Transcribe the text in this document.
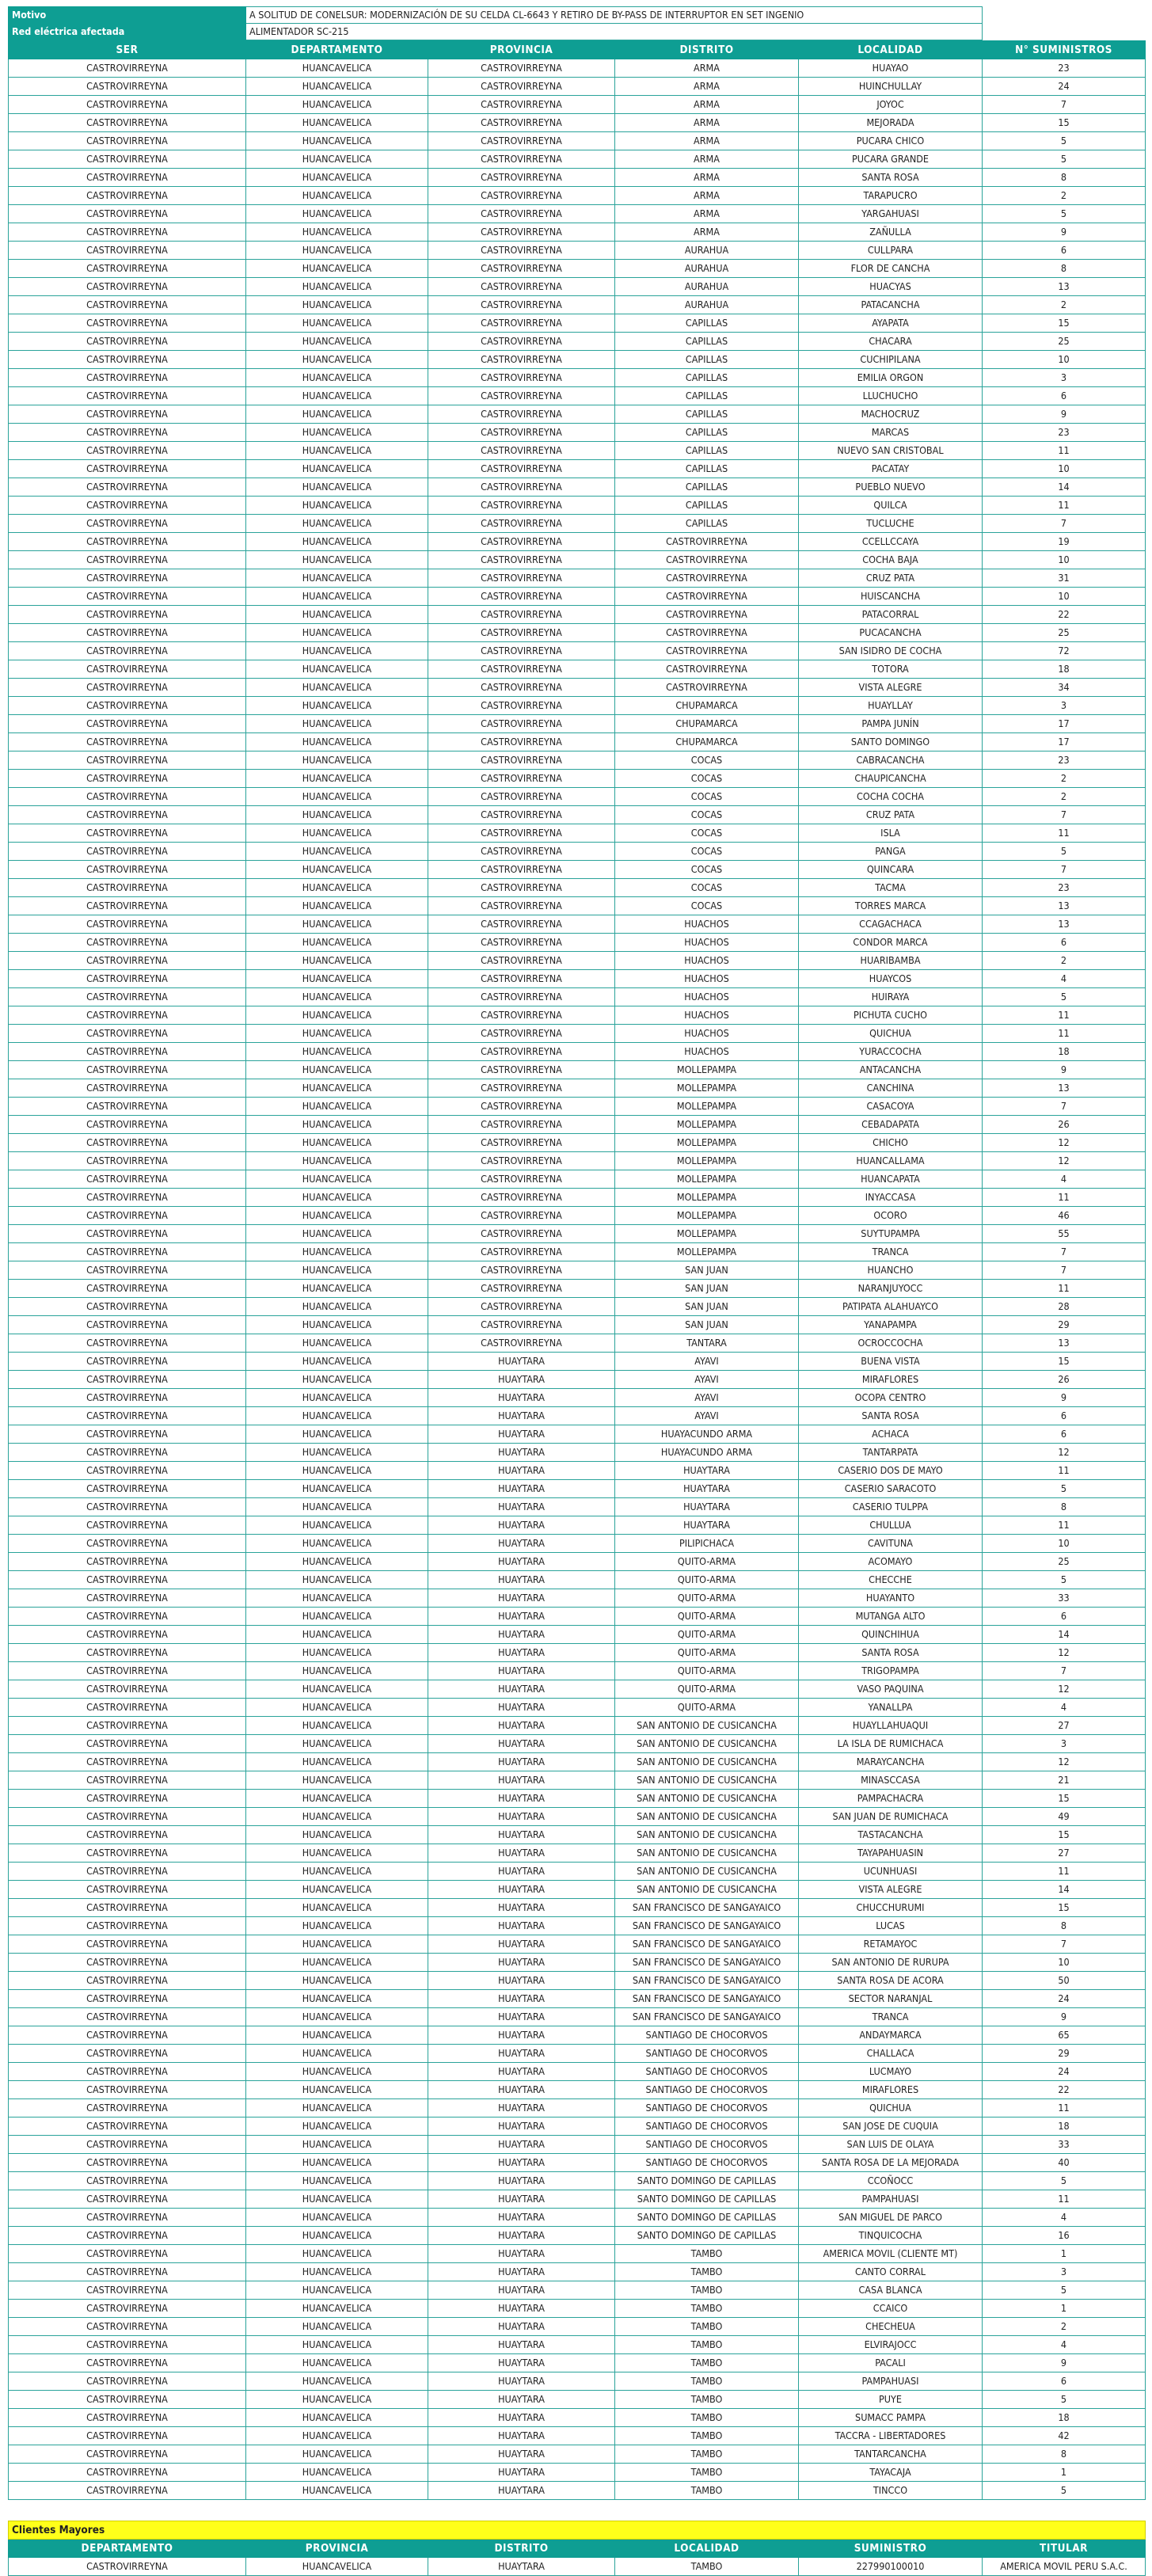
Motivo	A SOLITUD DE CONELSUR: MODERNIZACIÓN DE SU CELDA CL-6643 Y RETIRO DE BY-PASS DE INTERRUPTOR EN SET INGENIO	
Red eléctrica afectada	ALIMENTADOR SC-215	
SER	DEPARTAMENTO	PROVINCIA	DISTRITO	LOCALIDAD	N° SUMINISTROS
CASTROVIRREYNA	HUANCAVELICA	CASTROVIRREYNA	ARMA	HUAYAO	23
CASTROVIRREYNA	HUANCAVELICA	CASTROVIRREYNA	ARMA	HUINCHULLAY	24
CASTROVIRREYNA	HUANCAVELICA	CASTROVIRREYNA	ARMA	JOYOC	7
CASTROVIRREYNA	HUANCAVELICA	CASTROVIRREYNA	ARMA	MEJORADA	15
CASTROVIRREYNA	HUANCAVELICA	CASTROVIRREYNA	ARMA	PUCARA CHICO	5
CASTROVIRREYNA	HUANCAVELICA	CASTROVIRREYNA	ARMA	PUCARA GRANDE	5
CASTROVIRREYNA	HUANCAVELICA	CASTROVIRREYNA	ARMA	SANTA ROSA	8
CASTROVIRREYNA	HUANCAVELICA	CASTROVIRREYNA	ARMA	TARAPUCRO	2
CASTROVIRREYNA	HUANCAVELICA	CASTROVIRREYNA	ARMA	YARGAHUASI	5
CASTROVIRREYNA	HUANCAVELICA	CASTROVIRREYNA	ARMA	ZAÑULLA	9
CASTROVIRREYNA	HUANCAVELICA	CASTROVIRREYNA	AURAHUA	CULLPARA	6
CASTROVIRREYNA	HUANCAVELICA	CASTROVIRREYNA	AURAHUA	FLOR DE CANCHA	8
CASTROVIRREYNA	HUANCAVELICA	CASTROVIRREYNA	AURAHUA	HUACYAS	13
CASTROVIRREYNA	HUANCAVELICA	CASTROVIRREYNA	AURAHUA	PATACANCHA	2
CASTROVIRREYNA	HUANCAVELICA	CASTROVIRREYNA	CAPILLAS	AYAPATA	15
CASTROVIRREYNA	HUANCAVELICA	CASTROVIRREYNA	CAPILLAS	CHACARA	25
CASTROVIRREYNA	HUANCAVELICA	CASTROVIRREYNA	CAPILLAS	CUCHIPILANA	10
CASTROVIRREYNA	HUANCAVELICA	CASTROVIRREYNA	CAPILLAS	EMILIA ORGON	3
CASTROVIRREYNA	HUANCAVELICA	CASTROVIRREYNA	CAPILLAS	LLUCHUCHO	6
CASTROVIRREYNA	HUANCAVELICA	CASTROVIRREYNA	CAPILLAS	MACHOCRUZ	9
CASTROVIRREYNA	HUANCAVELICA	CASTROVIRREYNA	CAPILLAS	MARCAS	23
CASTROVIRREYNA	HUANCAVELICA	CASTROVIRREYNA	CAPILLAS	NUEVO SAN CRISTOBAL	11
CASTROVIRREYNA	HUANCAVELICA	CASTROVIRREYNA	CAPILLAS	PACATAY	10
CASTROVIRREYNA	HUANCAVELICA	CASTROVIRREYNA	CAPILLAS	PUEBLO NUEVO	14
CASTROVIRREYNA	HUANCAVELICA	CASTROVIRREYNA	CAPILLAS	QUILCA	11
CASTROVIRREYNA	HUANCAVELICA	CASTROVIRREYNA	CAPILLAS	TUCLUCHE	7
CASTROVIRREYNA	HUANCAVELICA	CASTROVIRREYNA	CASTROVIRREYNA	CCELLCCAYA	19
CASTROVIRREYNA	HUANCAVELICA	CASTROVIRREYNA	CASTROVIRREYNA	COCHA BAJA	10
CASTROVIRREYNA	HUANCAVELICA	CASTROVIRREYNA	CASTROVIRREYNA	CRUZ PATA	31
CASTROVIRREYNA	HUANCAVELICA	CASTROVIRREYNA	CASTROVIRREYNA	HUISCANCHA	10
CASTROVIRREYNA	HUANCAVELICA	CASTROVIRREYNA	CASTROVIRREYNA	PATACORRAL	22
CASTROVIRREYNA	HUANCAVELICA	CASTROVIRREYNA	CASTROVIRREYNA	PUCACANCHA	25
CASTROVIRREYNA	HUANCAVELICA	CASTROVIRREYNA	CASTROVIRREYNA	SAN ISIDRO DE COCHA	72
CASTROVIRREYNA	HUANCAVELICA	CASTROVIRREYNA	CASTROVIRREYNA	TOTORA	18
CASTROVIRREYNA	HUANCAVELICA	CASTROVIRREYNA	CASTROVIRREYNA	VISTA ALEGRE	34
CASTROVIRREYNA	HUANCAVELICA	CASTROVIRREYNA	CHUPAMARCA	HUAYLLAY	3
CASTROVIRREYNA	HUANCAVELICA	CASTROVIRREYNA	CHUPAMARCA	PAMPA JUNÍN	17
CASTROVIRREYNA	HUANCAVELICA	CASTROVIRREYNA	CHUPAMARCA	SANTO DOMINGO	17
CASTROVIRREYNA	HUANCAVELICA	CASTROVIRREYNA	COCAS	CABRACANCHA	23
CASTROVIRREYNA	HUANCAVELICA	CASTROVIRREYNA	COCAS	CHAUPICANCHA	2
CASTROVIRREYNA	HUANCAVELICA	CASTROVIRREYNA	COCAS	COCHA COCHA	2
CASTROVIRREYNA	HUANCAVELICA	CASTROVIRREYNA	COCAS	CRUZ PATA	7
CASTROVIRREYNA	HUANCAVELICA	CASTROVIRREYNA	COCAS	ISLA	11
CASTROVIRREYNA	HUANCAVELICA	CASTROVIRREYNA	COCAS	PANGA	5
CASTROVIRREYNA	HUANCAVELICA	CASTROVIRREYNA	COCAS	QUINCARA	7
CASTROVIRREYNA	HUANCAVELICA	CASTROVIRREYNA	COCAS	TACMA	23
CASTROVIRREYNA	HUANCAVELICA	CASTROVIRREYNA	COCAS	TORRES MARCA	13
CASTROVIRREYNA	HUANCAVELICA	CASTROVIRREYNA	HUACHOS	CCAGACHACA	13
CASTROVIRREYNA	HUANCAVELICA	CASTROVIRREYNA	HUACHOS	CONDOR MARCA	6
CASTROVIRREYNA	HUANCAVELICA	CASTROVIRREYNA	HUACHOS	HUARIBAMBA	2
CASTROVIRREYNA	HUANCAVELICA	CASTROVIRREYNA	HUACHOS	HUAYCOS	4
CASTROVIRREYNA	HUANCAVELICA	CASTROVIRREYNA	HUACHOS	HUIRAYA	5
CASTROVIRREYNA	HUANCAVELICA	CASTROVIRREYNA	HUACHOS	PICHUTA CUCHO	11
CASTROVIRREYNA	HUANCAVELICA	CASTROVIRREYNA	HUACHOS	QUICHUA	11
CASTROVIRREYNA	HUANCAVELICA	CASTROVIRREYNA	HUACHOS	YURACCOCHA	18
CASTROVIRREYNA	HUANCAVELICA	CASTROVIRREYNA	MOLLEPAMPA	ANTACANCHA	9
CASTROVIRREYNA	HUANCAVELICA	CASTROVIRREYNA	MOLLEPAMPA	CANCHINA	13
CASTROVIRREYNA	HUANCAVELICA	CASTROVIRREYNA	MOLLEPAMPA	CASACOYA	7
CASTROVIRREYNA	HUANCAVELICA	CASTROVIRREYNA	MOLLEPAMPA	CEBADAPATA	26
CASTROVIRREYNA	HUANCAVELICA	CASTROVIRREYNA	MOLLEPAMPA	CHICHO	12
CASTROVIRREYNA	HUANCAVELICA	CASTROVIRREYNA	MOLLEPAMPA	HUANCALLAMA	12
CASTROVIRREYNA	HUANCAVELICA	CASTROVIRREYNA	MOLLEPAMPA	HUANCAPATA	4
CASTROVIRREYNA	HUANCAVELICA	CASTROVIRREYNA	MOLLEPAMPA	INYACCASA	11
CASTROVIRREYNA	HUANCAVELICA	CASTROVIRREYNA	MOLLEPAMPA	OCORO	46
CASTROVIRREYNA	HUANCAVELICA	CASTROVIRREYNA	MOLLEPAMPA	SUYTUPAMPA	55
CASTROVIRREYNA	HUANCAVELICA	CASTROVIRREYNA	MOLLEPAMPA	TRANCA	7
CASTROVIRREYNA	HUANCAVELICA	CASTROVIRREYNA	SAN JUAN	HUANCHO	7
CASTROVIRREYNA	HUANCAVELICA	CASTROVIRREYNA	SAN JUAN	NARANJUYOCC	11
CASTROVIRREYNA	HUANCAVELICA	CASTROVIRREYNA	SAN JUAN	PATIPATA ALAHUAYCO	28
CASTROVIRREYNA	HUANCAVELICA	CASTROVIRREYNA	SAN JUAN	YANAPAMPA	29
CASTROVIRREYNA	HUANCAVELICA	CASTROVIRREYNA	TANTARA	OCROCCOCHA	13
CASTROVIRREYNA	HUANCAVELICA	HUAYTARA	AYAVI	BUENA VISTA	15
CASTROVIRREYNA	HUANCAVELICA	HUAYTARA	AYAVI	MIRAFLORES	26
CASTROVIRREYNA	HUANCAVELICA	HUAYTARA	AYAVI	OCOPA CENTRO	9
CASTROVIRREYNA	HUANCAVELICA	HUAYTARA	AYAVI	SANTA ROSA	6
CASTROVIRREYNA	HUANCAVELICA	HUAYTARA	HUAYACUNDO ARMA	ACHACA	6
CASTROVIRREYNA	HUANCAVELICA	HUAYTARA	HUAYACUNDO ARMA	TANTARPATA	12
CASTROVIRREYNA	HUANCAVELICA	HUAYTARA	HUAYTARA	CASERIO DOS DE MAYO	11
CASTROVIRREYNA	HUANCAVELICA	HUAYTARA	HUAYTARA	CASERIO SARACOTO	5
CASTROVIRREYNA	HUANCAVELICA	HUAYTARA	HUAYTARA	CASERIO TULPPA	8
CASTROVIRREYNA	HUANCAVELICA	HUAYTARA	HUAYTARA	CHULLUA	11
CASTROVIRREYNA	HUANCAVELICA	HUAYTARA	PILIPICHACA	CAVITUNA	10
CASTROVIRREYNA	HUANCAVELICA	HUAYTARA	QUITO-ARMA	ACOMAYO	25
CASTROVIRREYNA	HUANCAVELICA	HUAYTARA	QUITO-ARMA	CHECCHE	5
CASTROVIRREYNA	HUANCAVELICA	HUAYTARA	QUITO-ARMA	HUAYANTO	33
CASTROVIRREYNA	HUANCAVELICA	HUAYTARA	QUITO-ARMA	MUTANGA ALTO	6
CASTROVIRREYNA	HUANCAVELICA	HUAYTARA	QUITO-ARMA	QUINCHIHUA	14
CASTROVIRREYNA	HUANCAVELICA	HUAYTARA	QUITO-ARMA	SANTA ROSA	12
CASTROVIRREYNA	HUANCAVELICA	HUAYTARA	QUITO-ARMA	TRIGOPAMPA	7
CASTROVIRREYNA	HUANCAVELICA	HUAYTARA	QUITO-ARMA	VASO PAQUINA	12
CASTROVIRREYNA	HUANCAVELICA	HUAYTARA	QUITO-ARMA	YANALLPA	4
CASTROVIRREYNA	HUANCAVELICA	HUAYTARA	SAN ANTONIO DE CUSICANCHA	HUAYLLAHUAQUI	27
CASTROVIRREYNA	HUANCAVELICA	HUAYTARA	SAN ANTONIO DE CUSICANCHA	LA ISLA DE RUMICHACA	3
CASTROVIRREYNA	HUANCAVELICA	HUAYTARA	SAN ANTONIO DE CUSICANCHA	MARAYCANCHA	12
CASTROVIRREYNA	HUANCAVELICA	HUAYTARA	SAN ANTONIO DE CUSICANCHA	MINASCCASA	21
CASTROVIRREYNA	HUANCAVELICA	HUAYTARA	SAN ANTONIO DE CUSICANCHA	PAMPACHACRA	15
CASTROVIRREYNA	HUANCAVELICA	HUAYTARA	SAN ANTONIO DE CUSICANCHA	SAN JUAN DE RUMICHACA	49
CASTROVIRREYNA	HUANCAVELICA	HUAYTARA	SAN ANTONIO DE CUSICANCHA	TASTACANCHA	15
CASTROVIRREYNA	HUANCAVELICA	HUAYTARA	SAN ANTONIO DE CUSICANCHA	TAYAPAHUASIN	27
CASTROVIRREYNA	HUANCAVELICA	HUAYTARA	SAN ANTONIO DE CUSICANCHA	UCUNHUASI	11
CASTROVIRREYNA	HUANCAVELICA	HUAYTARA	SAN ANTONIO DE CUSICANCHA	VISTA ALEGRE	14
CASTROVIRREYNA	HUANCAVELICA	HUAYTARA	SAN FRANCISCO DE SANGAYAICO	CHUCCHURUMI	15
CASTROVIRREYNA	HUANCAVELICA	HUAYTARA	SAN FRANCISCO DE SANGAYAICO	LUCAS	8
CASTROVIRREYNA	HUANCAVELICA	HUAYTARA	SAN FRANCISCO DE SANGAYAICO	RETAMAYOC	7
CASTROVIRREYNA	HUANCAVELICA	HUAYTARA	SAN FRANCISCO DE SANGAYAICO	SAN ANTONIO DE RURUPA	10
CASTROVIRREYNA	HUANCAVELICA	HUAYTARA	SAN FRANCISCO DE SANGAYAICO	SANTA ROSA DE ACORA	50
CASTROVIRREYNA	HUANCAVELICA	HUAYTARA	SAN FRANCISCO DE SANGAYAICO	SECTOR NARANJAL	24
CASTROVIRREYNA	HUANCAVELICA	HUAYTARA	SAN FRANCISCO DE SANGAYAICO	TRANCA	9
CASTROVIRREYNA	HUANCAVELICA	HUAYTARA	SANTIAGO DE CHOCORVOS	ANDAYMARCA	65
CASTROVIRREYNA	HUANCAVELICA	HUAYTARA	SANTIAGO DE CHOCORVOS	CHALLACA	29
CASTROVIRREYNA	HUANCAVELICA	HUAYTARA	SANTIAGO DE CHOCORVOS	LUCMAYO	24
CASTROVIRREYNA	HUANCAVELICA	HUAYTARA	SANTIAGO DE CHOCORVOS	MIRAFLORES	22
CASTROVIRREYNA	HUANCAVELICA	HUAYTARA	SANTIAGO DE CHOCORVOS	QUICHUA	11
CASTROVIRREYNA	HUANCAVELICA	HUAYTARA	SANTIAGO DE CHOCORVOS	SAN JOSE DE CUQUIA	18
CASTROVIRREYNA	HUANCAVELICA	HUAYTARA	SANTIAGO DE CHOCORVOS	SAN LUIS DE OLAYA	33
CASTROVIRREYNA	HUANCAVELICA	HUAYTARA	SANTIAGO DE CHOCORVOS	SANTA ROSA DE LA MEJORADA	40
CASTROVIRREYNA	HUANCAVELICA	HUAYTARA	SANTO DOMINGO DE CAPILLAS	CCOÑOCC	5
CASTROVIRREYNA	HUANCAVELICA	HUAYTARA	SANTO DOMINGO DE CAPILLAS	PAMPAHUASI	11
CASTROVIRREYNA	HUANCAVELICA	HUAYTARA	SANTO DOMINGO DE CAPILLAS	SAN MIGUEL DE PARCO	4
CASTROVIRREYNA	HUANCAVELICA	HUAYTARA	SANTO DOMINGO DE CAPILLAS	TINQUICOCHA	16
CASTROVIRREYNA	HUANCAVELICA	HUAYTARA	TAMBO	AMERICA MOVIL (CLIENTE MT)	1
CASTROVIRREYNA	HUANCAVELICA	HUAYTARA	TAMBO	CANTO CORRAL	3
CASTROVIRREYNA	HUANCAVELICA	HUAYTARA	TAMBO	CASA BLANCA	5
CASTROVIRREYNA	HUANCAVELICA	HUAYTARA	TAMBO	CCAICO	1
CASTROVIRREYNA	HUANCAVELICA	HUAYTARA	TAMBO	CHECHEUA	2
CASTROVIRREYNA	HUANCAVELICA	HUAYTARA	TAMBO	ELVIRAJOCC	4
CASTROVIRREYNA	HUANCAVELICA	HUAYTARA	TAMBO	PACALI	9
CASTROVIRREYNA	HUANCAVELICA	HUAYTARA	TAMBO	PAMPAHUASI	6
CASTROVIRREYNA	HUANCAVELICA	HUAYTARA	TAMBO	PUYE	5
CASTROVIRREYNA	HUANCAVELICA	HUAYTARA	TAMBO	SUMACC PAMPA	18
CASTROVIRREYNA	HUANCAVELICA	HUAYTARA	TAMBO	TACCRA - LIBERTADORES	42
CASTROVIRREYNA	HUANCAVELICA	HUAYTARA	TAMBO	TANTARCANCHA	8
CASTROVIRREYNA	HUANCAVELICA	HUAYTARA	TAMBO	TAYACAJA	1
CASTROVIRREYNA	HUANCAVELICA	HUAYTARA	TAMBO	TINCCO	5
Clientes Mayores					
DEPARTAMENTO	PROVINCIA	DISTRITO	LOCALIDAD	SUMINISTRO	TITULAR
CASTROVIRREYNA	HUANCAVELICA	HUAYTARA	TAMBO	227990100010	AMERICA MOVIL PERU S.A.C.
